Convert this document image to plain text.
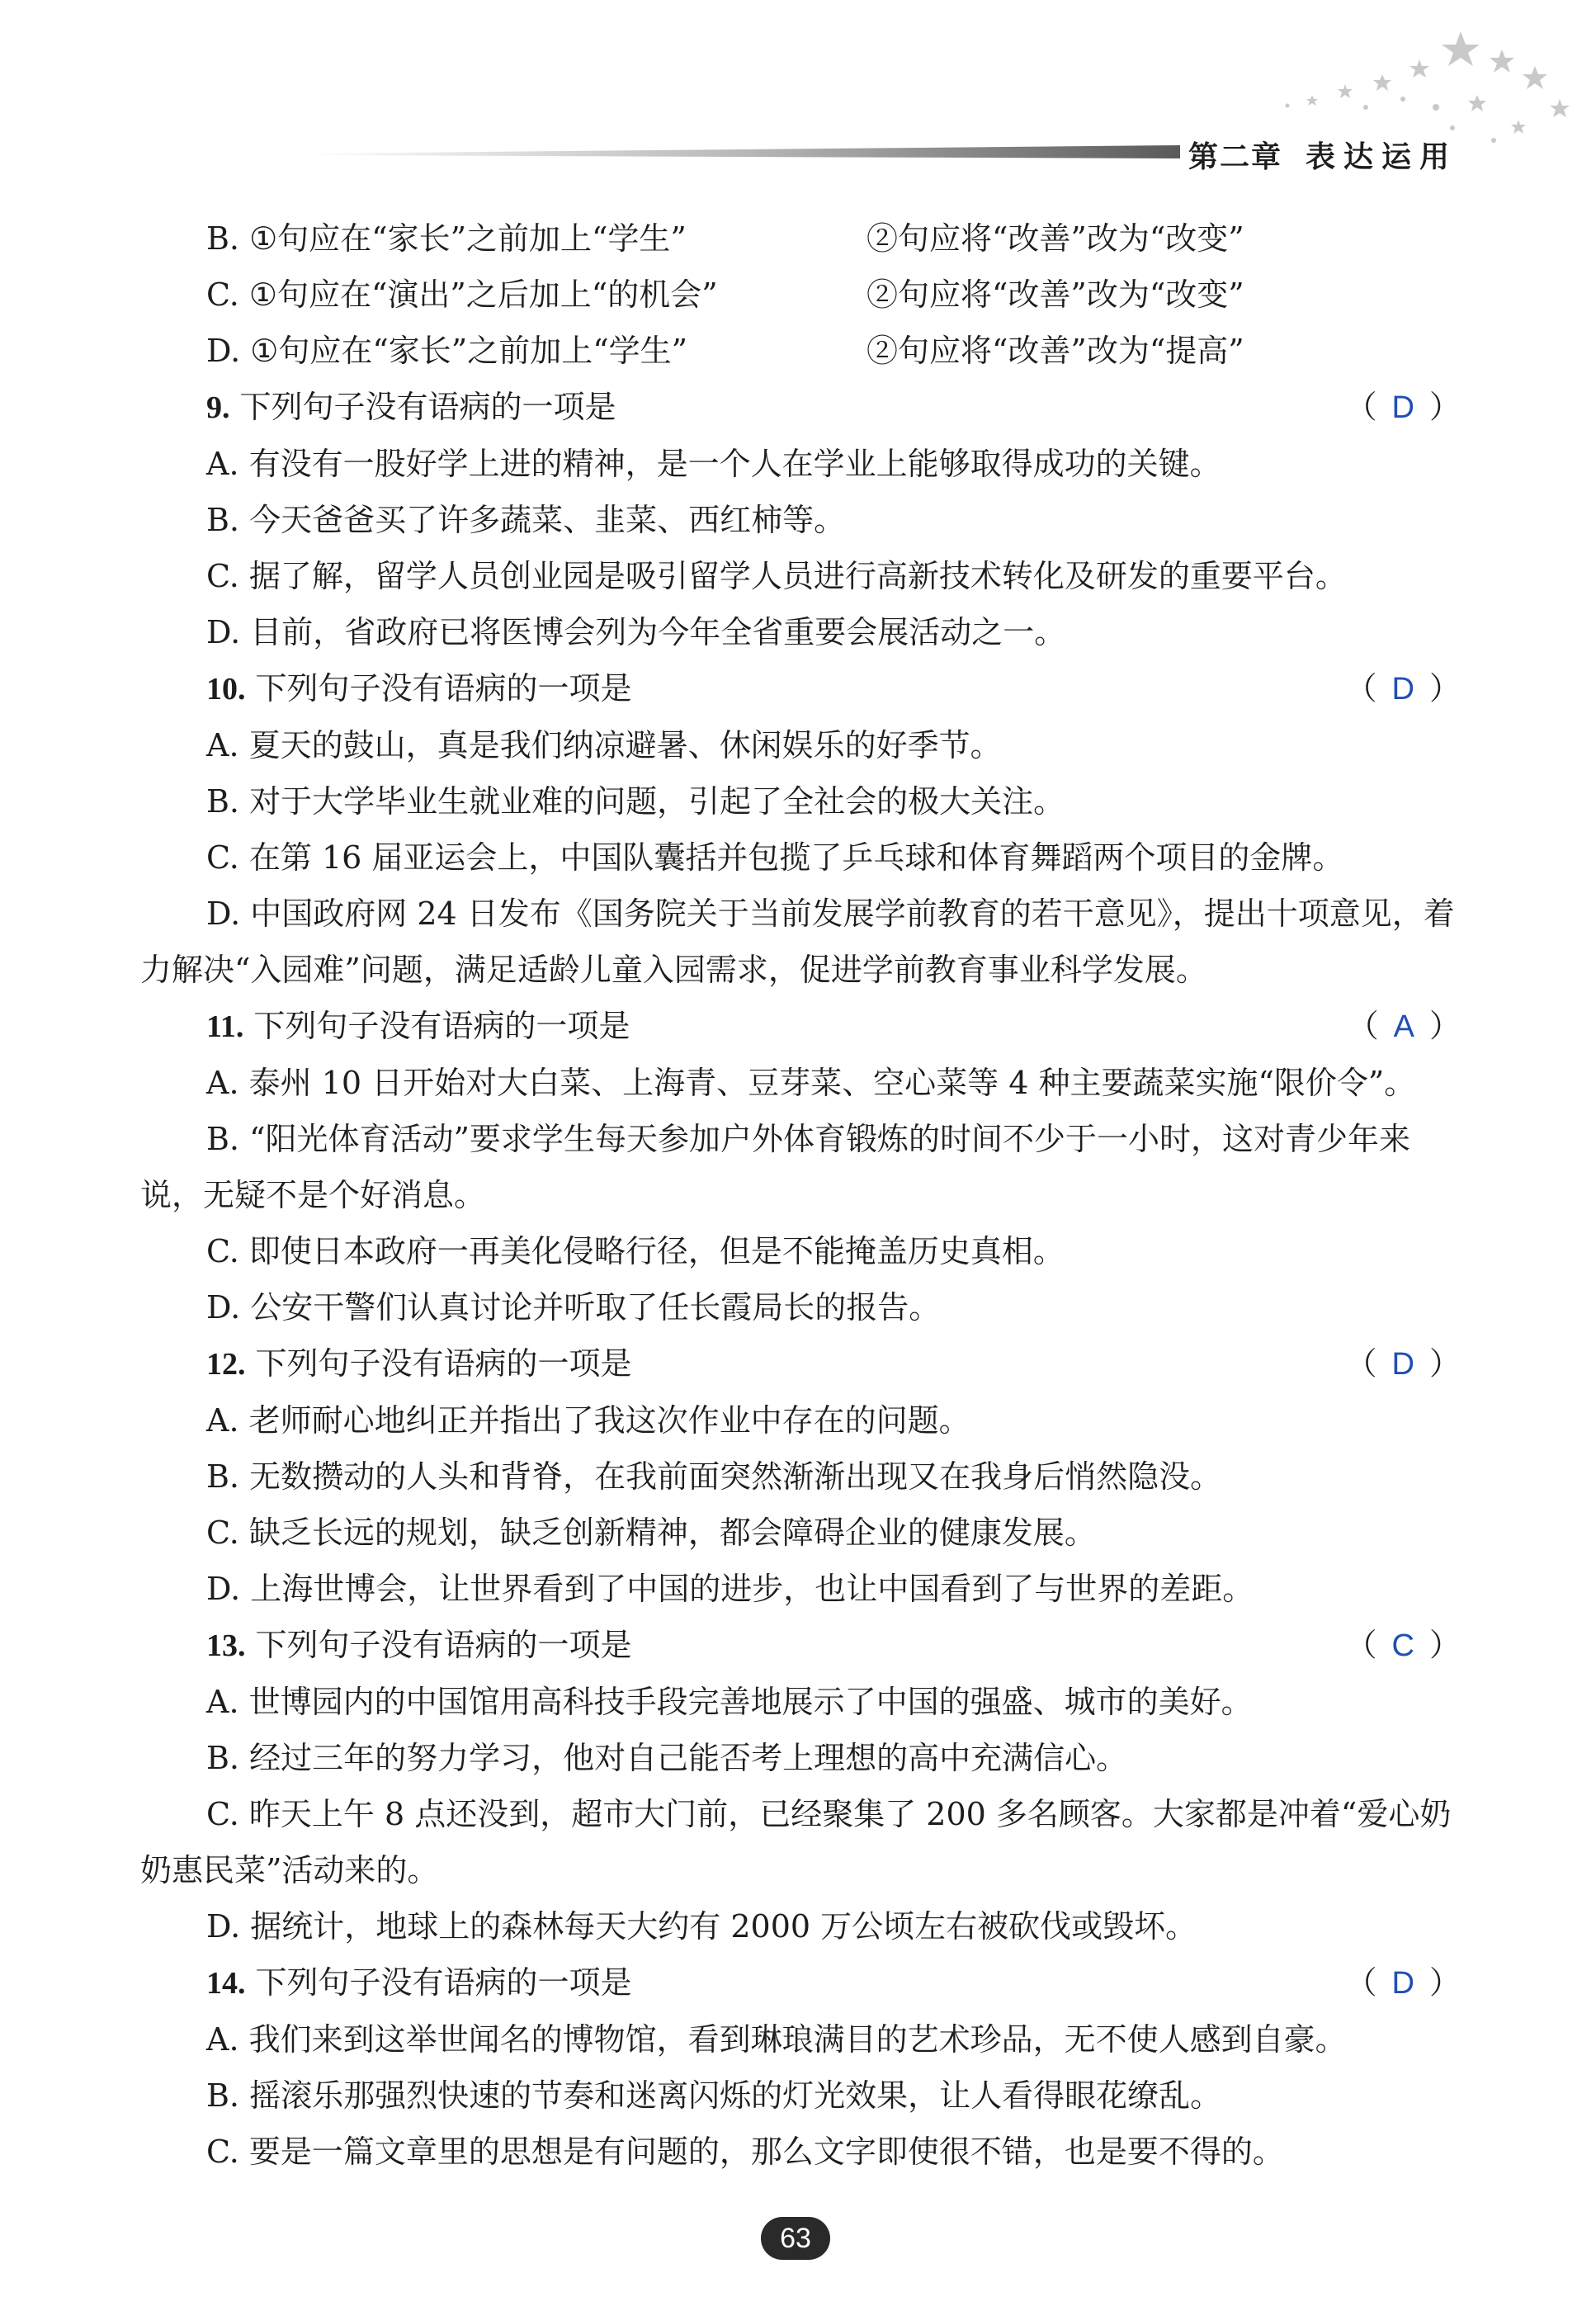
第二章 表达运用
B. ①句应在“家长”之前加上“学生”	②句应将“改善”改为“改变”
C. ①句应在“演出”之后加上“的机会”	②句应将“改善”改为“改变”
D. ①句应在“家长”之前加上“学生”	②句应将“改善”改为“提高”
9. 下列句子没有语病的一项是	（ D ）
A. 有没有一股好学上进的精神，是一个人在学业上能够取得成功的关键。
B. 今天爸爸买了许多蔬菜、韭菜、西红柿等。
C. 据了解，留学人员创业园是吸引留学人员进行高新技术转化及研发的重要平台。
D. 目前，省政府已将医博会列为今年全省重要会展活动之一。
10. 下列句子没有语病的一项是	（ D ）
A. 夏天的鼓山，真是我们纳凉避暑、休闲娱乐的好季节。
B. 对于大学毕业生就业难的问题，引起了全社会的极大关注。
C. 在第 16 届亚运会上，中国队囊括并包揽了乒乓球和体育舞蹈两个项目的金牌。
D. 中国政府网 24 日发布《国务院关于当前发展学前教育的若干意见》，提出十项意见，着
力解决“入园难”问题，满足适龄儿童入园需求，促进学前教育事业科学发展。
11. 下列句子没有语病的一项是	（ A ）
A. 泰州 10 日开始对大白菜、上海青、豆芽菜、空心菜等 4 种主要蔬菜实施“限价令”。
B. “阳光体育活动”要求学生每天参加户外体育锻炼的时间不少于一小时，这对青少年来
说，无疑不是个好消息。
C. 即使日本政府一再美化侵略行径，但是不能掩盖历史真相。
D. 公安干警们认真讨论并听取了任长霞局长的报告。
12. 下列句子没有语病的一项是	（ D ）
A. 老师耐心地纠正并指出了我这次作业中存在的问题。
B. 无数攒动的人头和背脊，在我前面突然渐渐出现又在我身后悄然隐没。
C. 缺乏长远的规划，缺乏创新精神，都会障碍企业的健康发展。
D. 上海世博会，让世界看到了中国的进步，也让中国看到了与世界的差距。
13. 下列句子没有语病的一项是	（ C ）
A. 世博园内的中国馆用高科技手段完善地展示了中国的强盛、城市的美好。
B. 经过三年的努力学习，他对自己能否考上理想的高中充满信心。
C. 昨天上午 8 点还没到，超市大门前，已经聚集了 200 多名顾客。大家都是冲着“爱心奶
奶惠民菜”活动来的。
D. 据统计，地球上的森林每天大约有 2000 万公顷左右被砍伐或毁坏。
14. 下列句子没有语病的一项是	（ D ）
A. 我们来到这举世闻名的博物馆，看到琳琅满目的艺术珍品，无不使人感到自豪。
B. 摇滚乐那强烈快速的节奏和迷离闪烁的灯光效果，让人看得眼花缭乱。
C. 要是一篇文章里的思想是有问题的，那么文字即使很不错，也是要不得的。
63
